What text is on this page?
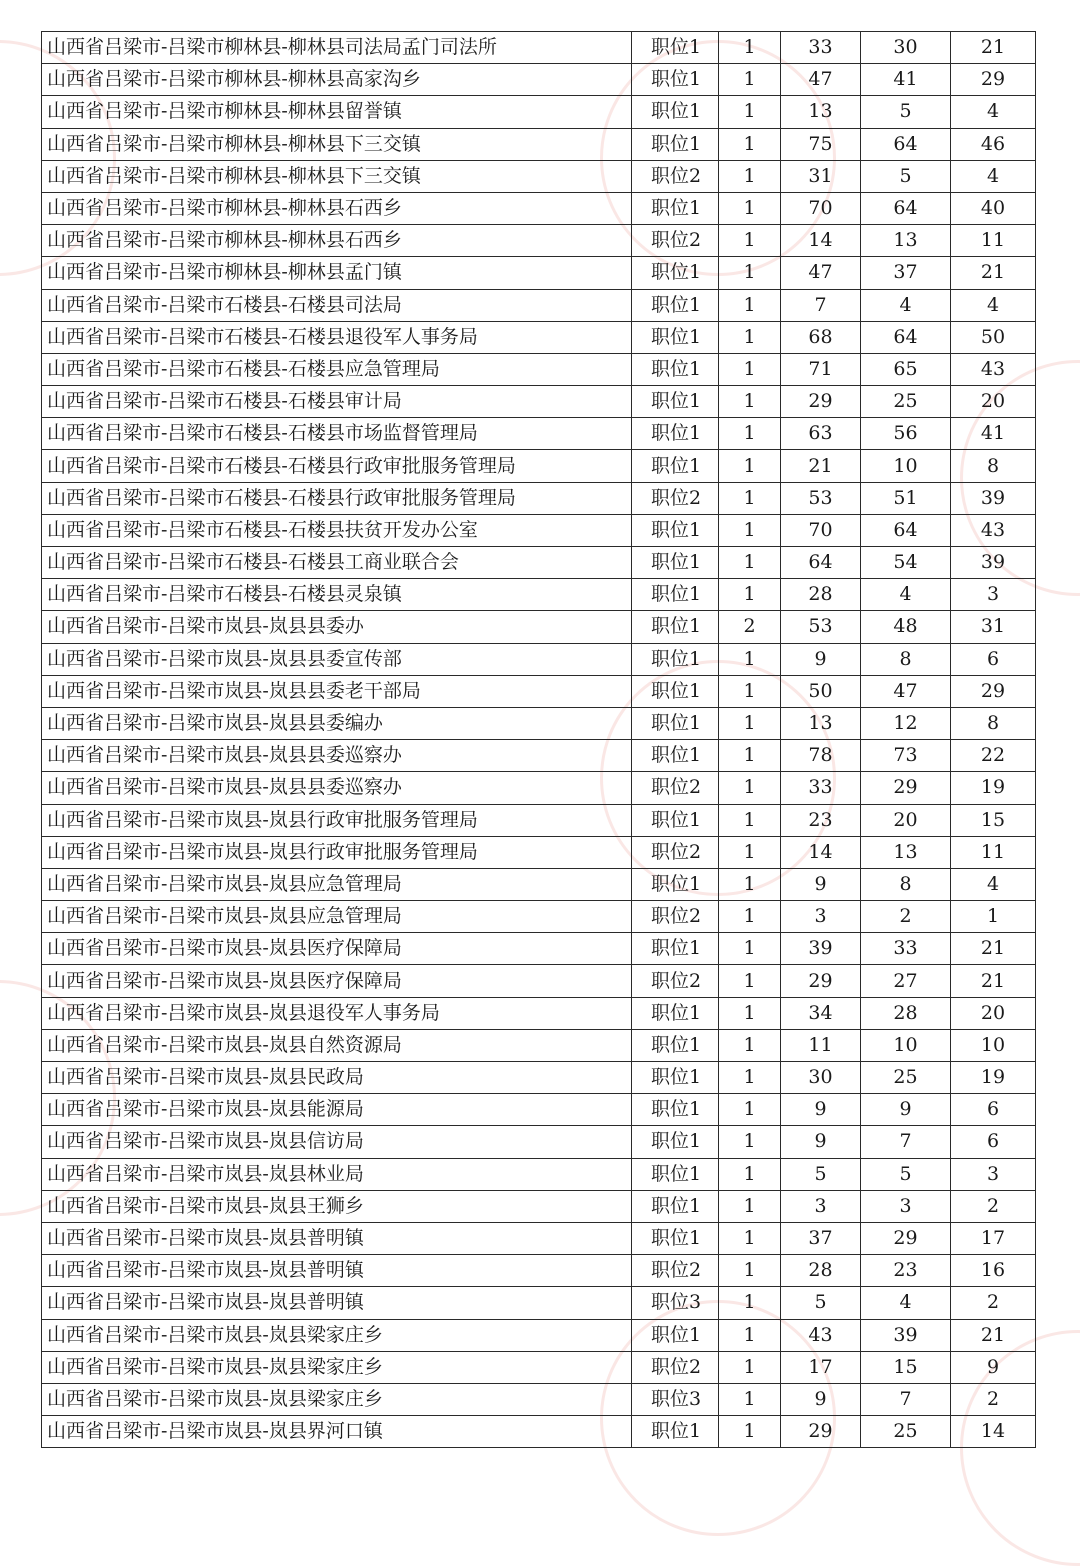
山西省吕梁市-吕梁市柳林县-柳林县司法局孟门司法所	职位1	1	33	30	21
山西省吕梁市-吕梁市柳林县-柳林县高家沟乡	职位1	1	47	41	29
山西省吕梁市-吕梁市柳林县-柳林县留誉镇	职位1	1	13	5	4
山西省吕梁市-吕梁市柳林县-柳林县下三交镇	职位1	1	75	64	46
山西省吕梁市-吕梁市柳林县-柳林县下三交镇	职位2	1	31	5	4
山西省吕梁市-吕梁市柳林县-柳林县石西乡	职位1	1	70	64	40
山西省吕梁市-吕梁市柳林县-柳林县石西乡	职位2	1	14	13	11
山西省吕梁市-吕梁市柳林县-柳林县孟门镇	职位1	1	47	37	21
山西省吕梁市-吕梁市石楼县-石楼县司法局	职位1	1	7	4	4
山西省吕梁市-吕梁市石楼县-石楼县退役军人事务局	职位1	1	68	64	50
山西省吕梁市-吕梁市石楼县-石楼县应急管理局	职位1	1	71	65	43
山西省吕梁市-吕梁市石楼县-石楼县审计局	职位1	1	29	25	20
山西省吕梁市-吕梁市石楼县-石楼县市场监督管理局	职位1	1	63	56	41
山西省吕梁市-吕梁市石楼县-石楼县行政审批服务管理局	职位1	1	21	10	8
山西省吕梁市-吕梁市石楼县-石楼县行政审批服务管理局	职位2	1	53	51	39
山西省吕梁市-吕梁市石楼县-石楼县扶贫开发办公室	职位1	1	70	64	43
山西省吕梁市-吕梁市石楼县-石楼县工商业联合会	职位1	1	64	54	39
山西省吕梁市-吕梁市石楼县-石楼县灵泉镇	职位1	1	28	4	3
山西省吕梁市-吕梁市岚县-岚县县委办	职位1	2	53	48	31
山西省吕梁市-吕梁市岚县-岚县县委宣传部	职位1	1	9	8	6
山西省吕梁市-吕梁市岚县-岚县县委老干部局	职位1	1	50	47	29
山西省吕梁市-吕梁市岚县-岚县县委编办	职位1	1	13	12	8
山西省吕梁市-吕梁市岚县-岚县县委巡察办	职位1	1	78	73	22
山西省吕梁市-吕梁市岚县-岚县县委巡察办	职位2	1	33	29	19
山西省吕梁市-吕梁市岚县-岚县行政审批服务管理局	职位1	1	23	20	15
山西省吕梁市-吕梁市岚县-岚县行政审批服务管理局	职位2	1	14	13	11
山西省吕梁市-吕梁市岚县-岚县应急管理局	职位1	1	9	8	4
山西省吕梁市-吕梁市岚县-岚县应急管理局	职位2	1	3	2	1
山西省吕梁市-吕梁市岚县-岚县医疗保障局	职位1	1	39	33	21
山西省吕梁市-吕梁市岚县-岚县医疗保障局	职位2	1	29	27	21
山西省吕梁市-吕梁市岚县-岚县退役军人事务局	职位1	1	34	28	20
山西省吕梁市-吕梁市岚县-岚县自然资源局	职位1	1	11	10	10
山西省吕梁市-吕梁市岚县-岚县民政局	职位1	1	30	25	19
山西省吕梁市-吕梁市岚县-岚县能源局	职位1	1	9	9	6
山西省吕梁市-吕梁市岚县-岚县信访局	职位1	1	9	7	6
山西省吕梁市-吕梁市岚县-岚县林业局	职位1	1	5	5	3
山西省吕梁市-吕梁市岚县-岚县王狮乡	职位1	1	3	3	2
山西省吕梁市-吕梁市岚县-岚县普明镇	职位1	1	37	29	17
山西省吕梁市-吕梁市岚县-岚县普明镇	职位2	1	28	23	16
山西省吕梁市-吕梁市岚县-岚县普明镇	职位3	1	5	4	2
山西省吕梁市-吕梁市岚县-岚县梁家庄乡	职位1	1	43	39	21
山西省吕梁市-吕梁市岚县-岚县梁家庄乡	职位2	1	17	15	9
山西省吕梁市-吕梁市岚县-岚县梁家庄乡	职位3	1	9	7	2
山西省吕梁市-吕梁市岚县-岚县界河口镇	职位1	1	29	25	14
